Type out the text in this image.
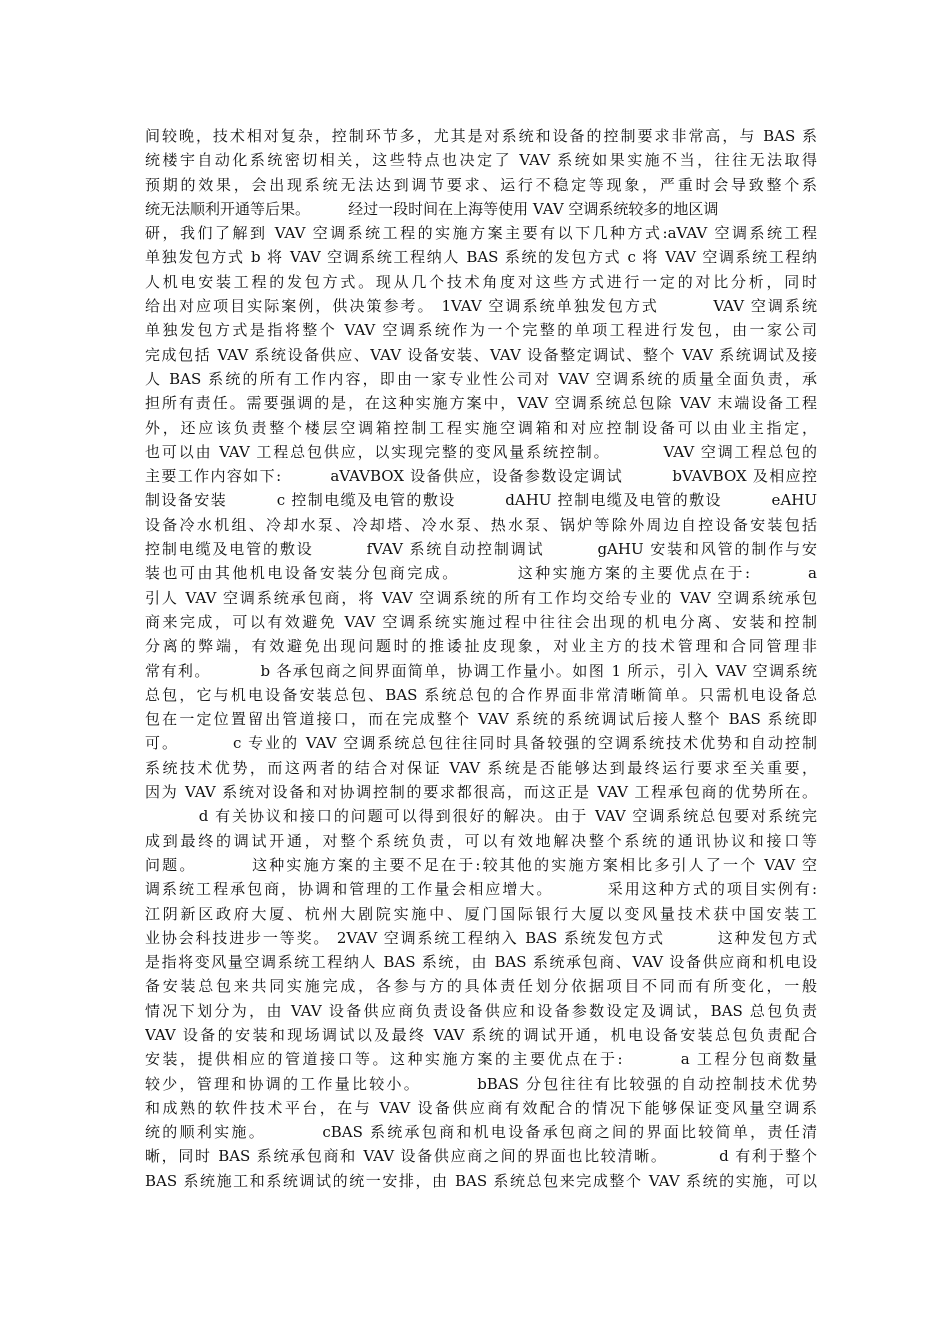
间较晚，技术相对复杂，控制环节多，尤其是对系统和设备的控制要求非常高，与 BAS 系
统楼宇自动化系统密切相关，这些特点也决定了 VAV 系统如果实施不当，往往无法取得
预期的效果，会出现系统无法达到调节要求、运行不稳定等现象，严重时会导致整个系
统无法顺利开通等后果。        经过一段时间在上海等使用 VAV 空调系统较多的地区调
研，我们了解到 VAV 空调系统工程的实施方案主要有以下几种方式:aVAV 空调系统工程
单独发包方式 b 将 VAV 空调系统工程纳人 BAS 系统的发包方式 c 将 VAV 空调系统工程纳
人机电安装工程的发包方式。现从几个技术角度对这些方式进行一定的对比分析，同时
给出对应项目实际案例，供决策参考。 1VAV 空调系统单独发包方式        VAV 空调系统
单独发包方式是指将整个 VAV 空调系统作为一个完整的单项工程进行发包，由一家公司
完成包括 VAV 系统设备供应、VAV 设备安装、VAV 设备整定调试、整个 VAV 系统调试及接
人 BAS 系统的所有工作内容，即由一家专业性公司对 VAV 空调系统的质量全面负责，承
担所有责任。需要强调的是，在这种实施方案中，VAV 空调系统总包除 VAV 末端设备工程
外，还应该负责整个楼层空调箱控制工程实施空调箱和对应控制设备可以由业主指定，
也可以由 VAV 工程总包供应，以实现完整的变风量系统控制。        VAV 空调工程总包的
主要工作内容如下:        aVAVBOX 设备供应，设备参数设定调试        bVAVBOX 及相应控
制设备安装        c 控制电缆及电管的敷设        dAHU 控制电缆及电管的敷设        eAHU
设备冷水机组、冷却水泵、冷却塔、冷水泵、热水泵、锅炉等除外周边自控设备安装包括
控制电缆及电管的敷设        fVAV 系统自动控制调试        gAHU 安装和风管的制作与安
装也可由其他机电设备安装分包商完成。        这种实施方案的主要优点在于:        a
引人 VAV 空调系统承包商，将 VAV 空调系统的所有工作均交给专业的 VAV 空调系统承包
商来完成，可以有效避免 VAV 空调系统实施过程中往往会出现的机电分离、安装和控制
分离的弊端，有效避免出现问题时的推诿扯皮现象，对业主方的技术管理和合同管理非
常有利。        b 各承包商之间界面简单，协调工作量小。如图 1 所示，引入 VAV 空调系统
总包，它与机电设备安装总包、BAS 系统总包的合作界面非常清晰简单。只需机电设备总
包在一定位置留出管道接口，而在完成整个 VAV 系统的系统调试后接人整个 BAS 系统即
可。        c 专业的 VAV 空调系统总包往往同时具备较强的空调系统技术优势和自动控制
系统技术优势，而这两者的结合对保证 VAV 系统是否能够达到最终运行要求至关重要，
因为 VAV 系统对设备和对协调控制的要求都很高，而这正是 VAV 工程承包商的优势所在。
d 有关协议和接口的问题可以得到很好的解决。由于 VAV 空调系统总包要对系统完
成到最终的调试开通，对整个系统负责，可以有效地解决整个系统的通讯协议和接口等
问题。        这种实施方案的主要不足在于:较其他的实施方案相比多引人了一个 VAV 空
调系统工程承包商，协调和管理的工作量会相应增大。        采用这种方式的项目实例有:
江阴新区政府大厦、杭州大剧院实施中、厦门国际银行大厦以变风量技术获中国安装工
业协会科技进步一等奖。 2VAV 空调系统工程纳入 BAS 系统发包方式        这种发包方式
是指将变风量空调系统工程纳人 BAS 系统，由 BAS 系统承包商、VAV 设备供应商和机电设
备安装总包来共同实施完成，各参与方的具体责任划分依据项目不同而有所变化，一般
情况下划分为，由 VAV 设备供应商负责设备供应和设备参数设定及调试，BAS 总包负责
VAV 设备的安装和现场调试以及最终 VAV 系统的调试开通，机电设备安装总包负责配合
安装，提供相应的管道接口等。这种实施方案的主要优点在于:        a 工程分包商数量
较少，管理和协调的工作量比较小。        bBAS 分包往往有比较强的自动控制技术优势
和成熟的软件技术平台，在与 VAV 设备供应商有效配合的情况下能够保证变风量空调系
统的顺利实施。        cBAS 系统承包商和机电设备承包商之间的界面比较简单，责任清
晰，同时 BAS 系统承包商和 VAV 设备供应商之间的界面也比较清晰。        d 有利于整个
BAS 系统施工和系统调试的统一安排，由 BAS 系统总包来完成整个 VAV 系统的实施，可以
